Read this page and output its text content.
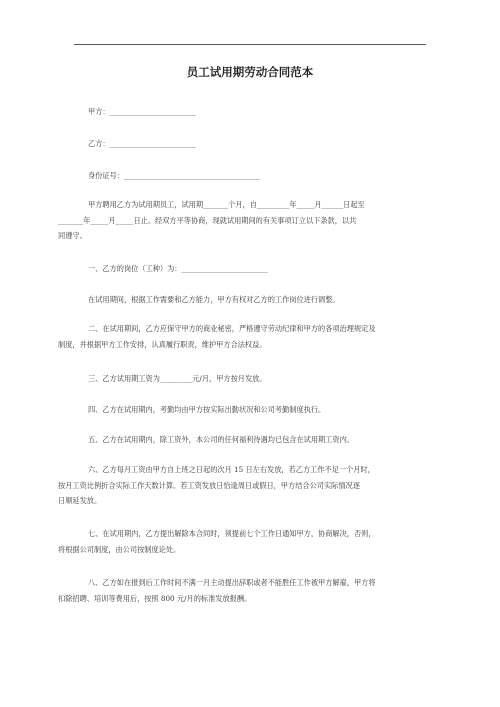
员工试用期劳动合同范本
甲方：________________________
乙方：________________________
身份证号：______________________________________
甲方聘用乙方为试用期员工，试用期_______个月，自_________年_____月______日起至
_______年_____月_____日止。经双方平等协商，现就试用期间的有关事项订立以下条款，以共
同遵守。
一、乙方的岗位（工种）为：________________________
在试用期间，根据工作需要和乙方能力，甲方有权对乙方的工作岗位进行调整。
二、在试用期间，乙方应保守甲方的商业秘密，严格遵守劳动纪律和甲方的各项治理规定及
制度，并根据甲方工作安排，认真履行职责，维护甲方合法权益。
三、乙方试用期工资为_________元/月，甲方按月发放。
四、乙方在试用期内，考勤均由甲方按实际出勤状况和公司考勤制度执行。
五、乙方在试用期内，除工资外，本公司的任何福利待遇均已包含在试用期工资内。
六、乙方每月工资由甲方自上班之日起的次月 15 日左右发放，若乙方工作不足一个月时，
按月工资比例折合实际工作天数计算。若工资发放日恰逢周日或假日，甲方结合公司实际情况逐
日顺延发放。
七、在试用期内，乙方提出解除本合同时，须提前七个工作日通知甲方，协商解决，否则，
将根据公司制度，由公司按制度论处。
八、乙方如在报到后工作时间不满一月主动提出辞职或者不能胜任工作被甲方解雇，甲方将
扣除招聘、培训等费用后，按照 800 元/月的标准发放报酬。
